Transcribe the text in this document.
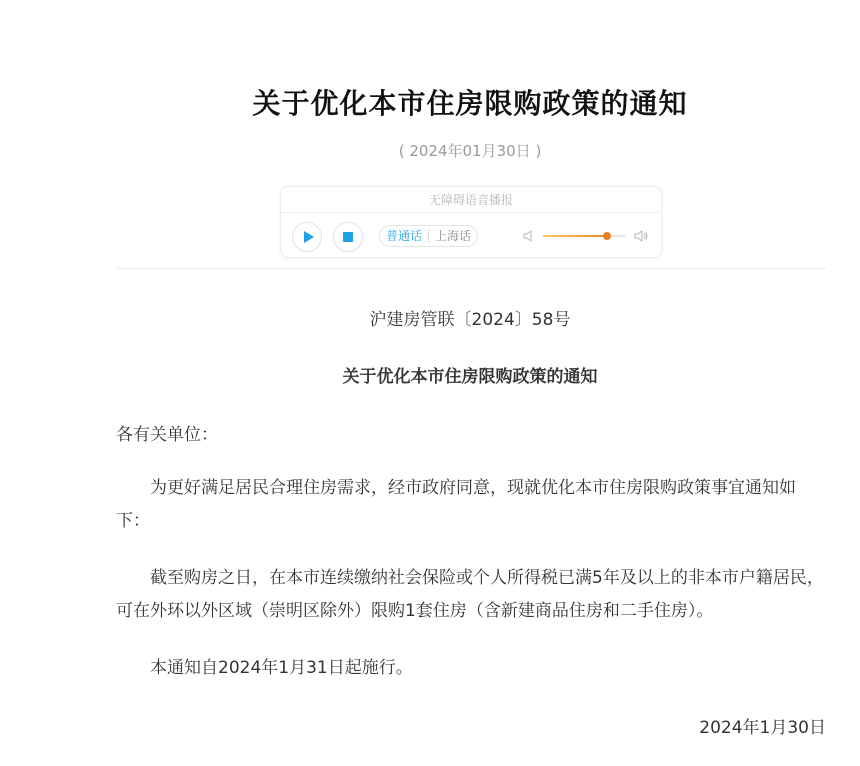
关于优化本市住房限购政策的通知
( 2024年01月30日 )
无障碍语音播报
普通话	上海话
沪建房管联〔2024〕58号
关于优化本市住房限购政策的通知
各有关单位：

为更好满足居民合理住房需求，经市政府同意，现就优化本市住房限购政策事宜通知如下：

截至购房之日，在本市连续缴纳社会保险或个人所得税已满5年及以上的非本市户籍居民，可在外环以外区域（崇明区除外）限购1套住房（含新建商品住房和二手住房）。

本通知自2024年1月31日起施行。

2024年1月30日
